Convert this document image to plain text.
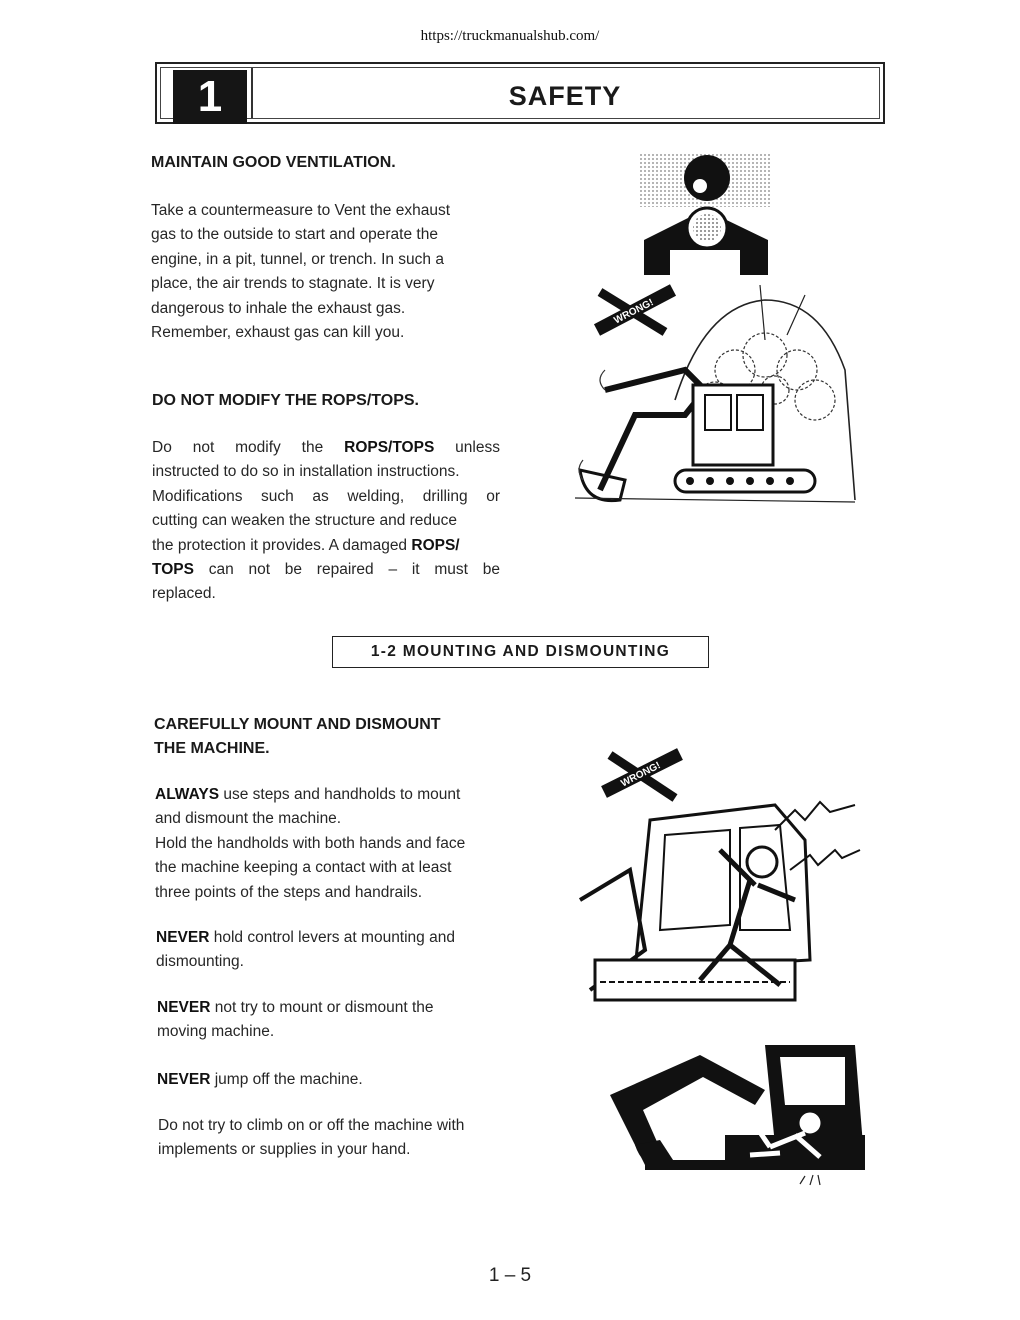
https://truckmanualshub.com/
1	SAFETY
MAINTAIN GOOD VENTILATION.
Take a countermeasure to Vent the exhaust
gas to the outside to start and operate the
engine, in a pit, tunnel, or trench. In such a
place, the air trends to stagnate. It is very
dangerous to inhale the exhaust gas.
Remember, exhaust gas can kill you.
DO NOT MODIFY THE ROPS/TOPS.
Do not modify the ROPS/TOPS unless
instructed to do so in installation instructions.
Modifications such as welding, drilling or
cutting can weaken the structure and reduce
the protection it provides. A damaged ROPS/
TOPS can not be repaired – it must be
replaced.
1-2 MOUNTING AND DISMOUNTING
CAREFULLY MOUNT AND DISMOUNT
THE MACHINE.
ALWAYS use steps and handholds to mount
and dismount the machine.
Hold the handholds with both hands and face
the machine keeping a contact with at least
three points of the steps and handrails.
NEVER hold control levers at mounting and
dismounting.
NEVER not try to mount or dismount the
moving machine.
NEVER jump off the machine.
Do not try to climb on or off the machine with
implements or supplies in your hand.
WRONG!
WRONG!
1 – 5
